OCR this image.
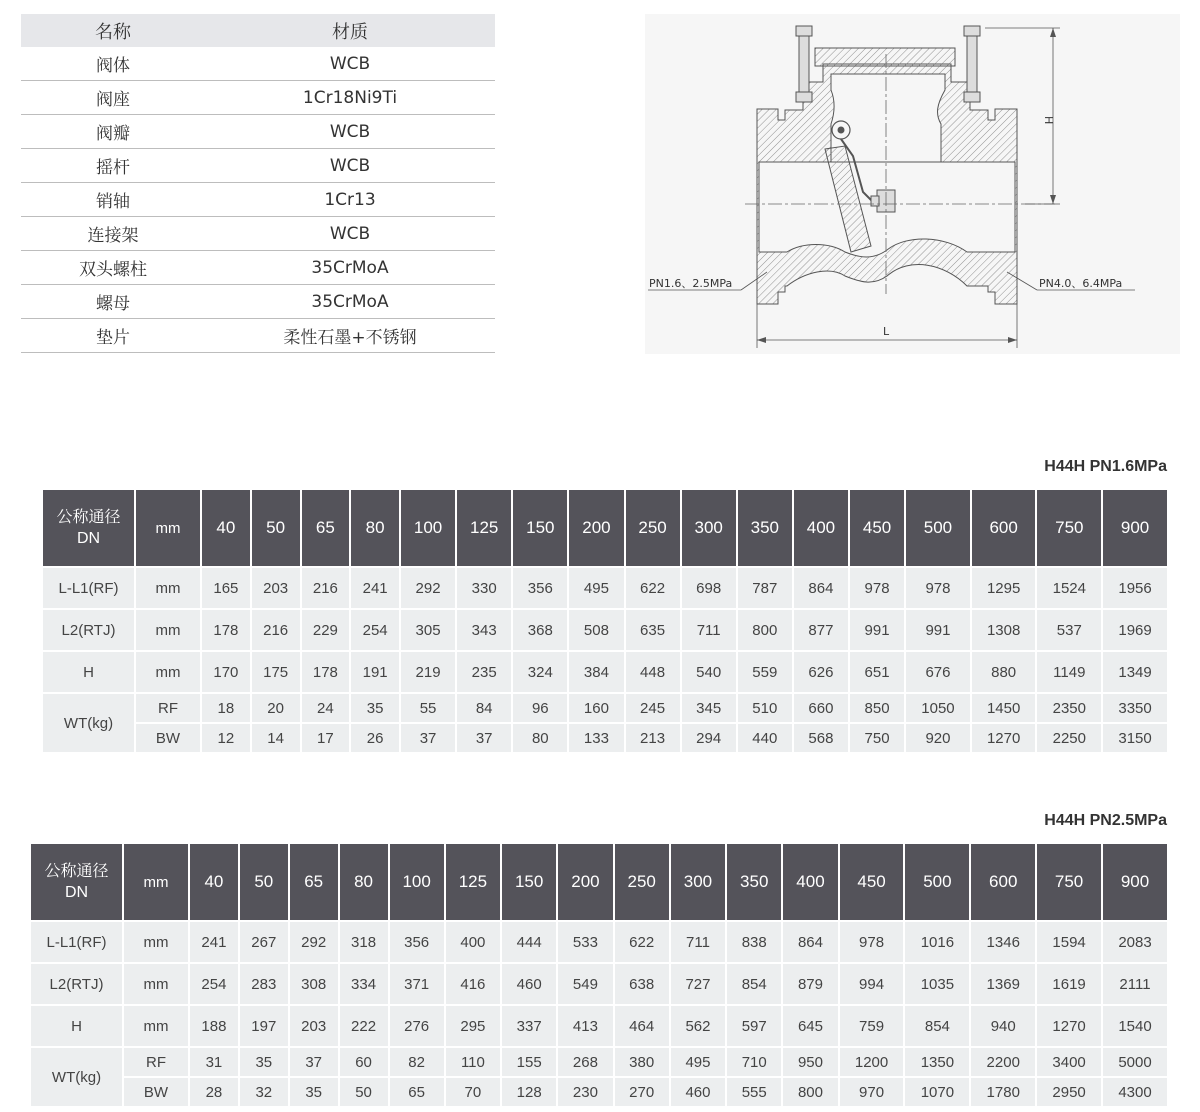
名称	材质
阀体	WCB
阀座	1Cr18Ni9Ti
阀瓣	WCB
摇杆	WCB
销轴	1Cr13
连接架	WCB
双头螺柱	35CrMoA
螺母	35CrMoA
垫片	柔性石墨+不锈钢
H
L
PN1.6、2.5MPa	PN4.0、6.4MPa
H44H PN1.6MPa
公称通径
DN	mm	40	50	65	80	100	125	150	200	250	300	350	400	450	500	600	750	900
L-L1(RF)	mm	165	203	216	241	292	330	356	495	622	698	787	864	978	978	1295	1524	1956
L2(RTJ)	mm	178	216	229	254	305	343	368	508	635	711	800	877	991	991	1308	537	1969
H	mm	170	175	178	191	219	235	324	384	448	540	559	626	651	676	880	1149	1349
WT(kg)	RF	18	20	24	35	55	84	96	160	245	345	510	660	850	1050	1450	2350	3350
	BW	12	14	17	26	37	37	80	133	213	294	440	568	750	920	1270	2250	3150
H44H PN2.5MPa
公称通径
DN	mm	40	50	65	80	100	125	150	200	250	300	350	400	450	500	600	750	900
L-L1(RF)	mm	241	267	292	318	356	400	444	533	622	711	838	864	978	1016	1346	1594	2083
L2(RTJ)	mm	254	283	308	334	371	416	460	549	638	727	854	879	994	1035	1369	1619	2111
H	mm	188	197	203	222	276	295	337	413	464	562	597	645	759	854	940	1270	1540
WT(kg)	RF	31	35	37	60	82	110	155	268	380	495	710	950	1200	1350	2200	3400	5000
	BW	28	32	35	50	65	70	128	230	270	460	555	800	970	1070	1780	2950	4300
